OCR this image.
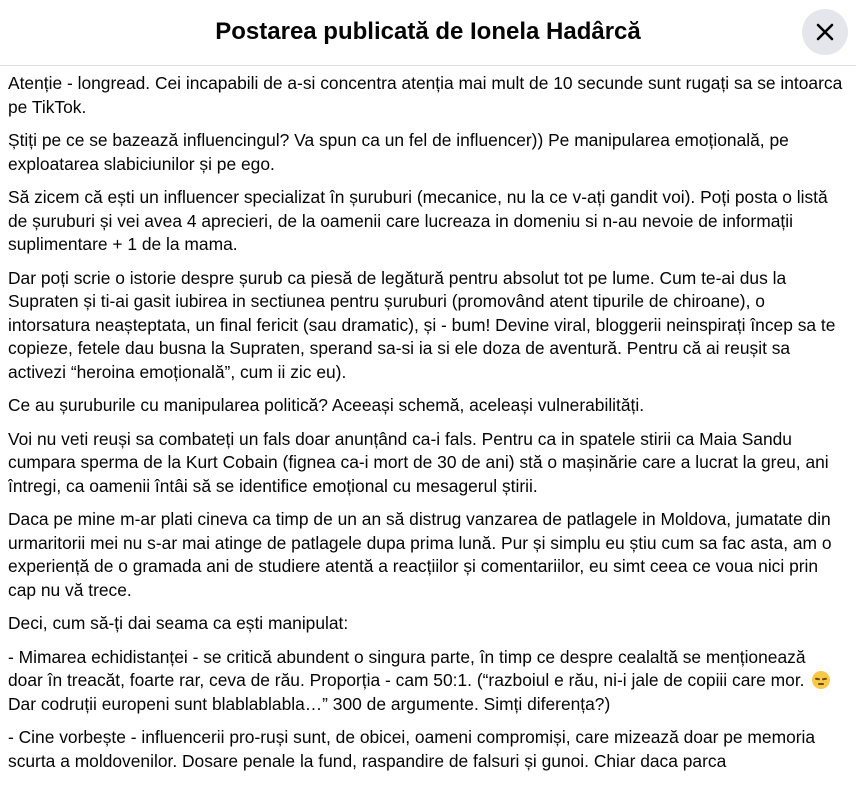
Postarea publicată de Ionela Hadârcă

Atenție - longread. Cei incapabili de a-si concentra atenția mai mult de 10 secunde sunt rugați sa se intoarca pe TikTok.

Știți pe ce se bazează influencingul? Va spun ca un fel de influencer)) Pe manipularea emoțională, pe exploatarea slabiciunilor și pe ego.

Să zicem că ești un influencer specializat în șuruburi (mecanice, nu la ce v-ați gandit voi). Poți posta o listă de șuruburi și vei avea 4 aprecieri, de la oamenii care lucreaza in domeniu si n-au nevoie de informații suplimentare + 1 de la mama.

Dar poți scrie o istorie despre șurub ca piesă de legătură pentru absolut tot pe lume. Cum te-ai dus la Supraten și ti-ai gasit iubirea in sectiunea pentru șuruburi (promovând atent tipurile de chiroane), o intorsatura neașteptata, un final fericit (sau dramatic), și - bum! Devine viral, bloggerii neinspirați încep sa te copieze, fetele dau busna la Supraten, sperand sa-si ia si ele doza de aventură. Pentru că ai reușit sa activezi “heroina emoțională”, cum ii zic eu).

Ce au șuruburile cu manipularea politică? Aceeași schemă, aceleași vulnerabilități.

Voi nu veti reuși sa combateți un fals doar anunțând ca-i fals. Pentru ca in spatele stirii ca Maia Sandu cumpara sperma de la Kurt Cobain (figneа ca-i mort de 30 de ani) stă o mașinărie care a lucrat la greu, ani întregi, ca oamenii întâi să se identifice emoțional cu mesagerul știrii.

Daca pe mine m-ar plati cineva ca timp de un an să distrug vanzarea de patlagele in Moldova, jumatate din urmaritorii mei nu s-ar mai atinge de patlagele dupa prima lună. Pur și simplu eu știu cum sa fac asta, am o experiență de o gramada ani de studiere atentă a reacțiilor și comentariilor, eu simt ceea ce voua nici prin cap nu vă trece.

Deci, cum să-ți dai seama ca ești manipulat:

- Mimarea echidistanței - se critică abundent o singura parte, în timp ce despre cealaltă se menționează doar în treacăt, foarte rar, ceva de rău. Proporția - cam 50:1. (“razboiul e rău, ni-i jale de copiii care mor.
Dar codruții europeni sunt blablablabla…” 300 de argumente. Simți diferența?)

- Cine vorbește - influencerii pro-ruși sunt, de obicei, oameni compromiși, care mizează doar pe memoria scurta a moldovenilor. Dosare penale la fund, raspandire de falsuri și gunoi. Chiar daca parca
